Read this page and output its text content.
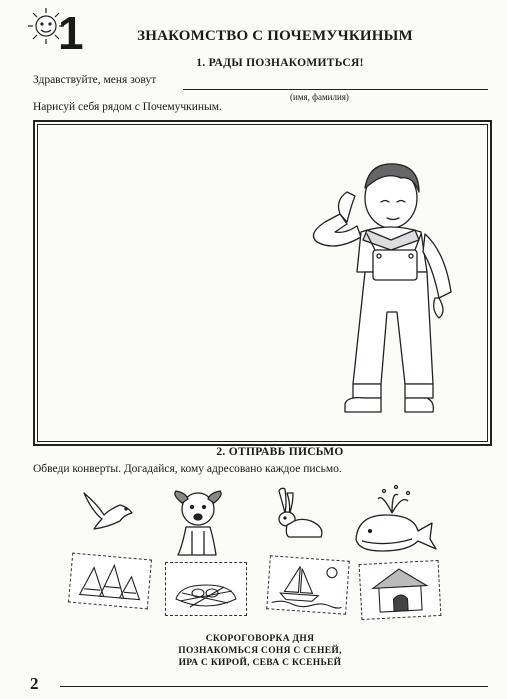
1	ЗНАКОМСТВО С ПОЧЕМУЧКИНЫМ
1. РАДЫ ПОЗНАКОМИТЬСЯ!
Здравствуйте, меня зовут
(имя, фамилия)
Нарисуй себя рядом с Почемучкиным.
2. ОТПРАВЬ ПИСЬМО
Обведи конверты. Догадайся, кому адресовано каждое письмо.
СКОРОГОВОРКА ДНЯ
ПОЗНАКОМЬСЯ СОНЯ С СЕНЕЙ,
ИРА С КИРОЙ, СЕВА С КСЕНЬЕЙ
2
